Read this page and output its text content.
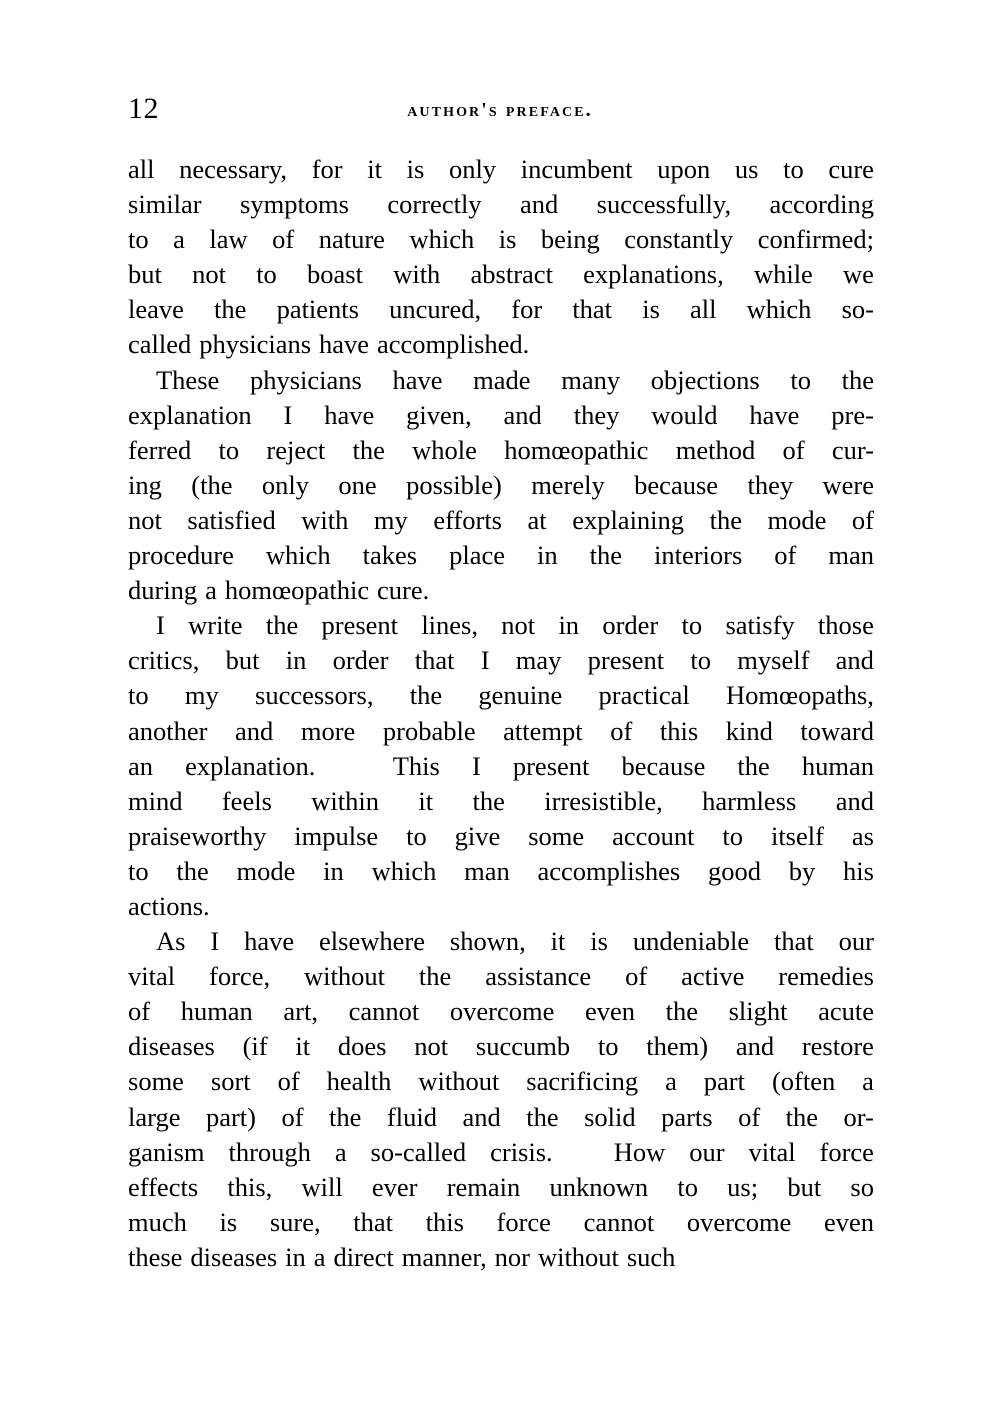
12	author's preface.
all necessary, for it is only incumbent upon us to cure
similar symptoms correctly and successfully, according
to a law of nature which is being constantly confirmed;
but not to boast with abstract explanations, while we
leave the patients uncured, for that is all which so-
called physicians have accomplished.
These physicians have made many objections to the
explanation I have given, and they would have pre-
ferred to reject the whole homœopathic method of cur-
ing (the only one possible) merely because they were
not satisfied with my efforts at explaining the mode of
procedure which takes place in the interiors of man
during a homœopathic cure.
I write the present lines, not in order to satisfy those
critics, but in order that I may present to myself and
to my successors, the genuine practical Homœopaths,
another and more probable attempt of this kind toward
an explanation.
	This I present because the human
mind feels within it the irresistible, harmless and
praiseworthy impulse to give some account to itself as
to the mode in which man accomplishes good by his
actions.
As I have elsewhere shown, it is undeniable that our
vital force, without the assistance of active remedies
of human art, cannot overcome even the slight acute
diseases (if it does not succumb to them) and restore
some sort of health without sacrificing a part (often a
large part) of the fluid and the solid parts of the or-
ganism through a so-called crisis.
How our vital force
effects this, will ever remain unknown to us; but so
much is sure, that this force cannot overcome even
these diseases in a direct manner, nor without such
